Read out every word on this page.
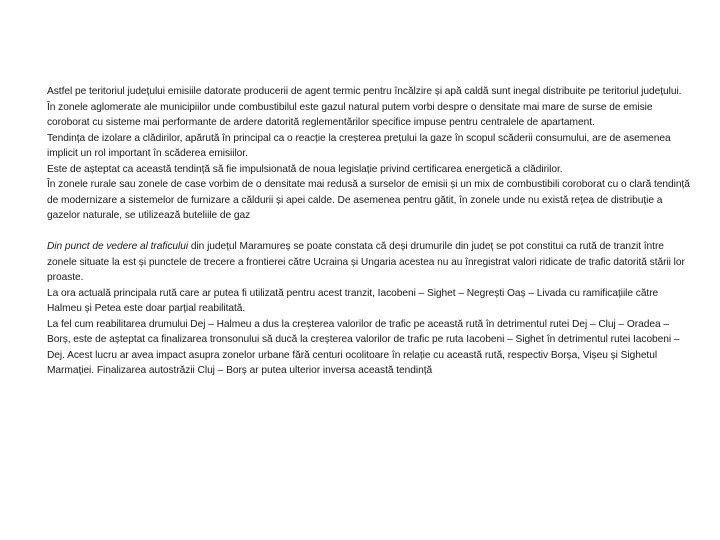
Astfel pe teritoriul județului emisiile datorate producerii de agent termic pentru încălzire și apă caldă sunt inegal distribuite pe teritoriul județului.

În zonele aglomerate ale municipiilor unde combustibilul este gazul natural putem vorbi despre o densitate mai mare de surse de emisie coroborat cu sisteme mai performante de ardere datorită reglementărilor specifice impuse pentru centralele de apartament.

Tendința de izolare a clădirilor, apărută în principal ca o reacție la creșterea prețului la gaze în scopul scăderii consumului, are de asemenea implicit un rol important în scăderea emisiilor.

Este de așteptat ca această tendință să fie impulsionată de noua legislație privind certificarea energetică a clădirilor.

În zonele rurale sau zonele de case vorbim de o densitate mai redusă a surselor de emisii și un mix de combustibili coroborat cu o clară tendință de modernizare a sistemelor de furnizare a căldurii și apei calde. De asemenea pentru gătit, în zonele unde nu există rețea de distribuție a gazelor naturale, se utilizează buteliile de gaz

Din punct de vedere al traficului din județul Maramureș se poate constata că deși drumurile din județ se pot constitui ca rută de tranzit între zonele situate la est și punctele de trecere a frontierei către Ucraina și Ungaria acestea nu au înregistrat valori ridicate de trafic datorită stării lor proaste.

La ora actuală principala rută care ar putea fi utilizată pentru acest tranzit, Iacobeni – Sighet – Negrești Oaș – Livada cu ramificațiile către Halmeu și Petea este doar parțial reabilitată.

La fel cum reabilitarea drumului Dej – Halmeu a dus la creșterea valorilor de trafic pe această rută în detrimentul rutei Dej – Cluj – Oradea – Borș, este de așteptat ca finalizarea tronsonului să ducă la creșterea valorilor de trafic pe ruta Iacobeni – Sighet în detrimentul rutei Iacobeni – Dej. Acest lucru ar avea impact asupra zonelor urbane fără centuri ocolitoare în relație cu această rută, respectiv Borșa, Vișeu și Sighetul Marmației. Finalizarea autostrăzii Cluj – Borș ar putea ulterior inversa această tendință
